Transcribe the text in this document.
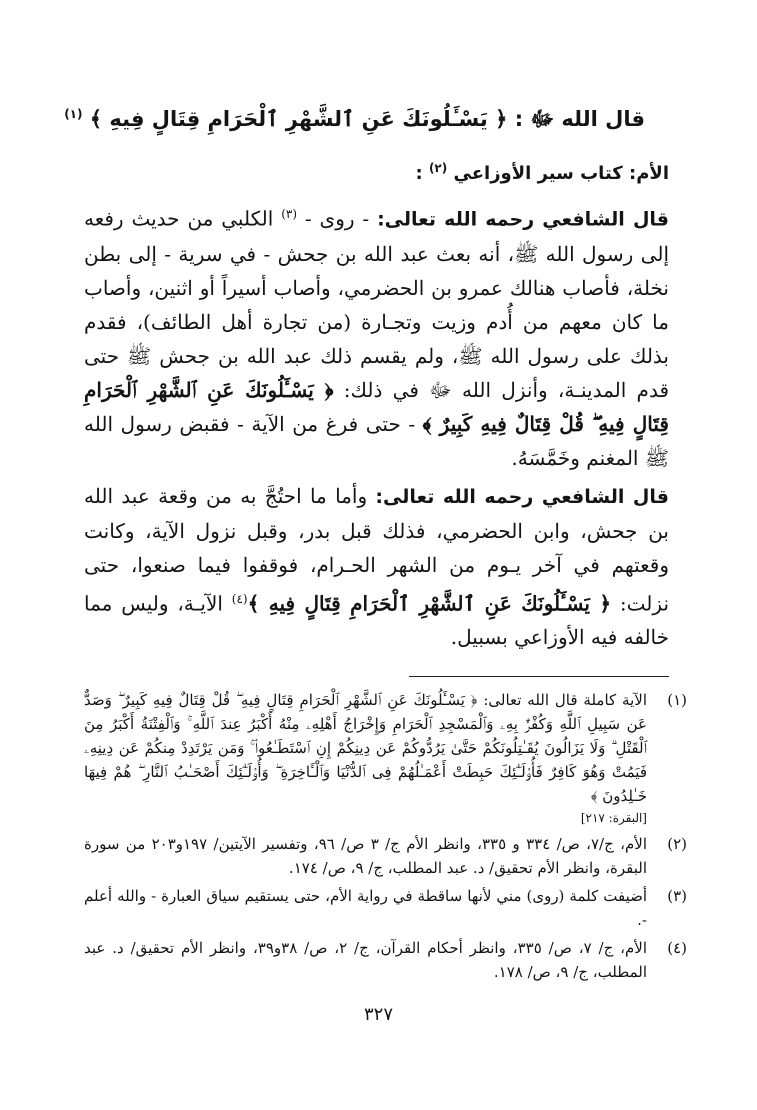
قال الله ﷻ : ﴿ يَسْـَٔلُونَكَ عَنِ ٱلشَّهْرِ ٱلْحَرَامِ قِتَالٍ فِيهِ ﴾ $^{(١)}$
الأم: كتاب سير الأوزاعي $^{(٢)}$ :

قال الشافعي رحمه الله تعالى: - روى - $^{(٣)}$ الكلبي من حديث رفعه إلى رسول الله ﷺ، أنه بعث عبد الله بن جحش - في سرية - إلى بطن نخلة، فأصاب هنالك عمرو بن الحضرمي، وأصاب أسيراً أو اثنين، وأصاب ما كان معهم من أُدم وزيت وتجـارة (من تجارة أهل الطائف)، فقدم بذلك على رسول الله ﷺ، ولم يقسم ذلك عبد الله بن جحش ﷺ حتى قدم المدينـة، وأنزل الله ﷻ في ذلك: ﴿ يَسْـَٔلُونَكَ عَنِ ٱلشَّهْرِ ٱلْحَرَامِ قِتَالٍ فِيهِ ۖ قُلْ قِتَالٌ فِيهِ كَبِيرٌ ﴾ - حتى فرغ من الآية - فقبض رسول الله ﷺ المغنم وخَمَّسَهُ.

قال الشافعي رحمه الله تعالى: وأما ما احتُجَّ به من وقعة عبد الله بن جحش، وابن الحضرمي، فذلك قبل بدر، وقبل نزول الآية، وكانت وقعتهم في آخر يـوم من الشهر الحـرام، فوقفوا فيما صنعوا، حتى نزلت: ﴿ يَسْـَٔلُونَكَ عَنِ ٱلشَّهْرِ ٱلْحَرَامِ قِتَالٍ فِيهِ ﴾$^{(٤)}$ الآيـة، وليس مما خالفه فيه الأوزاعي بسبيل.

(١)
الآية كاملة قال الله تعالى: ﴿ يَسْـَٔلُونَكَ عَنِ ٱلشَّهْرِ ٱلْحَرَامِ قِتَالٍ فِيهِ ۖ قُلْ قِتَالٌ فِيهِ كَبِيرٌ ۖ وَصَدٌّ عَن سَبِيلِ ٱللَّهِ وَكُفْرٌۢ بِهِۦ وَٱلْمَسْجِدِ ٱلْحَرَامِ وَإِخْرَاجُ أَهْلِهِۦ مِنْهُ أَكْبَرُ عِندَ ٱللَّهِ ۚ وَٱلْفِتْنَةُ أَكْبَرُ مِنَ ٱلْقَتْلِ ۗ وَلَا يَزَالُونَ يُقَـٰتِلُونَكُمْ حَتَّىٰ يَرُدُّوكُمْ عَن دِينِكُمْ إِنِ ٱسْتَطَـٰعُوا۟ ۚ وَمَن يَرْتَدِدْ مِنكُمْ عَن دِينِهِۦ فَيَمُتْ وَهُوَ كَافِرٌ فَأُو۟لَـٰٓئِكَ حَبِطَتْ أَعْمَـٰلُهُمْ فِى ٱلدُّنْيَا وَٱلْـَٔاخِرَةِ ۖ وَأُو۟لَـٰٓئِكَ أَصْحَـٰبُ ٱلنَّارِ ۖ هُمْ فِيهَا خَـٰلِدُونَ ﴾
[البقرة: ٢١٧]
(٢)
الأم، ج/٧، ص/ ٣٣٤ و ٣٣٥، وانظر الأم ج/ ٣ ص/ ٩٦، وتفسير الآيتين/ ١٩٧و٢٠٣ من سورة البقرة، وانظر الأم تحقيق/ د. عبد المطلب، ج/ ٩، ص/ ١٧٤.
(٣)
أضيفت كلمة (روى) مني لأنها ساقطة في رواية الأم، حتى يستقيم سياق العبارة - والله أعلم -.
(٤)
الأم، ج/ ٧، ص/ ٣٣٥، وانظر أحكام القرآن، ج/ ٢، ص/ ٣٨و٣٩، وانظر الأم تحقيق/ د. عبد المطلب، ج/ ٩، ص/ ١٧٨.
٣٢٧
